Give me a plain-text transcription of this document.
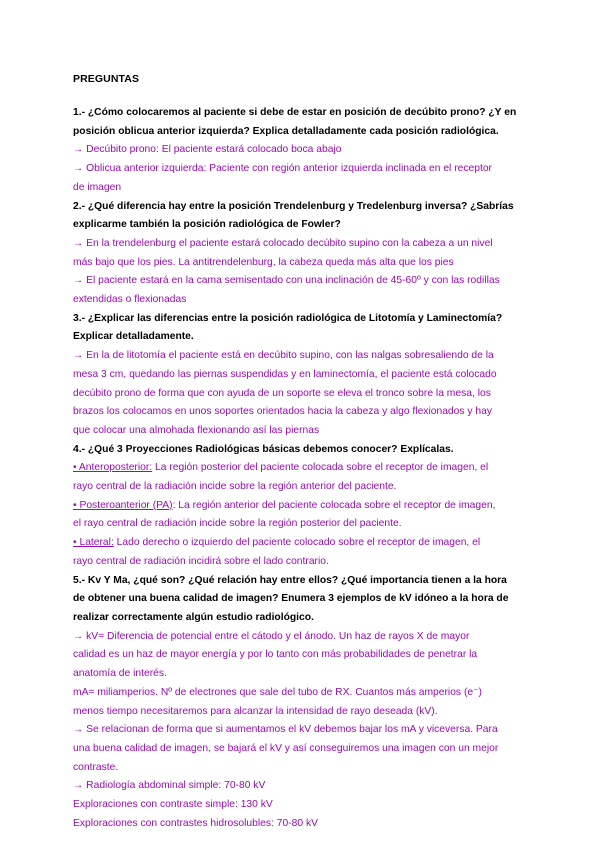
PREGUNTAS
1.- ¿Cómo colocaremos al paciente si debe de estar en posición de decúbito prono? ¿Y en
posición oblicua anterior izquierda? Explica detalladamente cada posición radiológica.
→ Decúbito prono: El paciente estará colocado boca abajo
→ Oblicua anterior izquierda: Paciente con región anterior izquierda inclinada en el receptor
de imagen
2.- ¿Qué diferencia hay entre la posición Trendelenburg y Tredelenburg inversa? ¿Sabrías
explicarme también la posición radiológica de Fowler?
→ En la trendelenburg el paciente estará colocado decúbito supino con la cabeza a un nivel
más bajo que los pies. La antitrendelenburg, la cabeza queda más alta que los pies
→ El paciente estará en la cama semisentado con una inclinación de 45-60º y con las rodillas
extendidas o flexionadas
3.- ¿Explicar las diferencias entre la posición radiológica de Litotomía y Laminectomía?
Explicar detalladamente.
→ En la de litotomía el paciente está en decúbito supino, con las nalgas sobresaliendo de la
mesa 3 cm, quedando las piernas suspendidas y en laminectomía, el paciente está colocado
decúbito prono de forma que con ayuda de un soporte se eleva el tronco sobre la mesa, los
brazos los colocamos en unos soportes orientados hacia la cabeza y algo flexionados y hay
que colocar una almohada flexionando así las piernas
4.- ¿Qué 3 Proyecciones Radiológicas básicas debemos conocer? Explícalas.
• Anteroposterior: La región posterior del paciente colocada sobre el receptor de imagen, el
rayo central de la radiación incide sobre la región anterior del paciente.
• Posteroanterior (PA): La región anterior del paciente colocada sobre el receptor de imagen,
el rayo central de radiación incide sobre la región posterior del paciente.
• Lateral: Lado derecho o izquierdo del paciente colocado sobre el receptor de imagen, el
rayo central de radiación incidirá sobre el lado contrario.
5.- Kv Y Ma, ¿qué son? ¿Qué relación hay entre ellos? ¿Qué importancia tienen a la hora
de obtener una buena calidad de imagen? Enumera 3 ejemplos de kV idóneo a la hora de
realizar correctamente algún estudio radiológico.
→ kV= Diferencia de potencial entre el cátodo y el ánodo. Un haz de rayos X de mayor
calidad es un haz de mayor energía y por lo tanto con más probabilidades de penetrar la
anatomía de interés.
mA= miliamperios. Nº de electrones que sale del tubo de RX. Cuantos más amperios (e⁻)
menos tiempo necesitaremos para alcanzar la intensidad de rayo deseada (kV).
→ Se relacionan de forma que si aumentamos el kV debemos bajar los mA y viceversa. Para
una buena calidad de imagen, se bajará el kV y así conseguiremos una imagen con un mejor
contraste.
→ Radiología abdominal simple: 70-80 kV
Exploraciones con contraste simple: 130 kV
Exploraciones con contrastes hidrosolubles: 70-80 kV
